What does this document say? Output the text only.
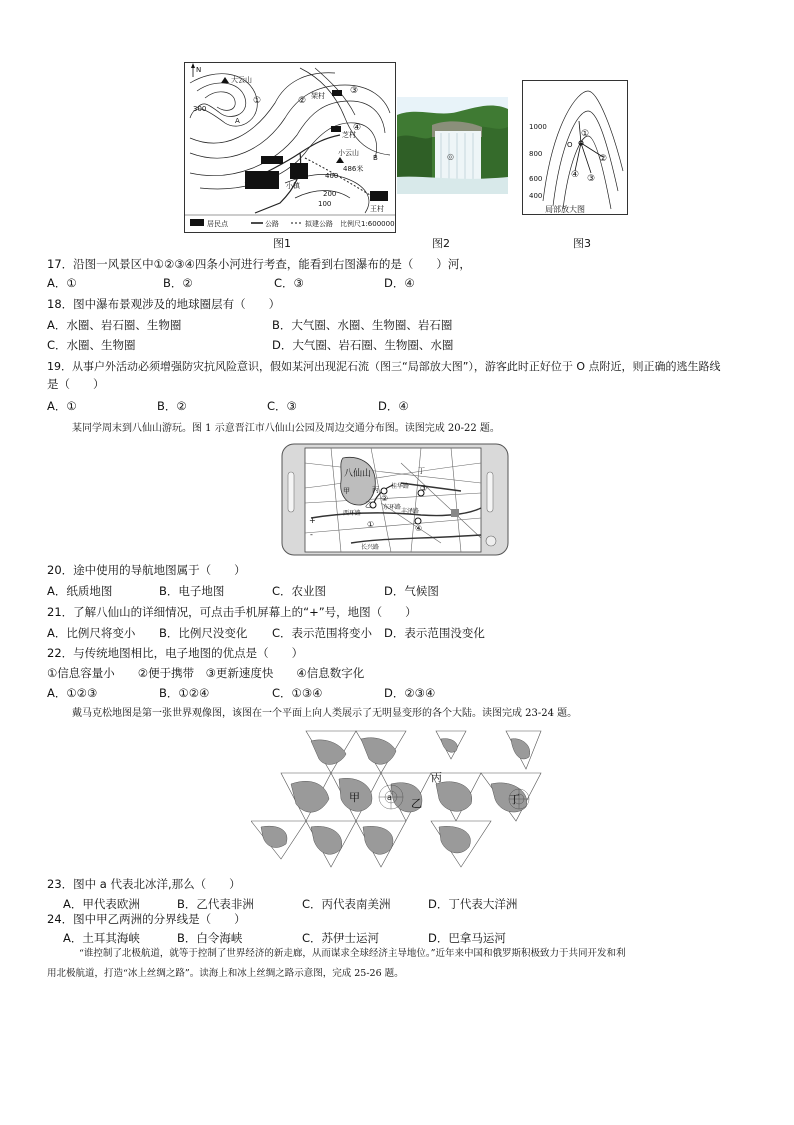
N
大云山
300
A
①	②
③
④
架村
芝村
小云山
486米
B
400
200
100
小镇
王村
居民点	公路	拟建公路 比例尺1:600000
图1
◎
图2
1000
800
600
400
O
①
②
③
④
局部放大图
图3
17．沿图一风景区中①②③④四条小河进行考查，能看到右图瀑布的是（　　）河，
A．①	B．②	C．③	D．④
18．图中瀑布景观涉及的地球圈层有（　　）
A．水圈、岩石圈、生物圈	B．大气圈、水圈、生物圈、岩石圈
C．水圈、生物圈	D．大气圈、岩石圈、生物圈、水圈
19．从事户外活动必须增强防灾抗风险意识，假如某河出现泥石流（图三“局部放大图”），游客此时正好位于 O 点附近，则正确的逃生路线
是（　　）
A．①	B．②	C．③	D．④
某同学周末到八仙山游玩。图 1 示意晋江市八仙山公园及周边交通分布图。读图完成 20-22 题。
八仙山
甲	丙
乙
丁
桂华路
西环路
长兴路
东环路
丰泽路
①
②
③
④
+
-
20．途中使用的导航地图属于（　　）
A．纸质地图	B．电子地图	C．农业图	D．气候图
21．了解八仙山的详细情况，可点击手机屏幕上的“+”号，地图（　　）
A．比例尺将变小 B．比例尺没变化 C．表示范围将变小 D．表示范围没变化
22．与传统地图相比，电子地图的优点是（　　）
①信息容量小　　②便于携带　③更新速度快　　④信息数字化
A．①②③	B．①②④	C．①③④	D．②③④
戴马克松地图是第一张世界观像图，该图在一个平面上向人类展示了无明显变形的各个大陆。读图完成 23-24 题。
甲	乙
丙
丁
a
23．图中 a 代表北冰洋,那么（　　）
A．甲代表欧洲	B．乙代表非洲	C．丙代表南美洲	D．丁代表大洋洲
24．图中甲乙两洲的分界线是（　　）
A．土耳其海峡	B．白令海峡	C．苏伊士运河	D．巴拿马运河
“谁控制了北极航道，就等于控制了世界经济的新走廊，从而谋求全球经济主导地位。”近年来中国和俄罗斯积极致力于共同开发和利
用北极航道，打造“冰上丝绸之路”。读海上和冰上丝绸之路示意图，完成 25-26 题。
